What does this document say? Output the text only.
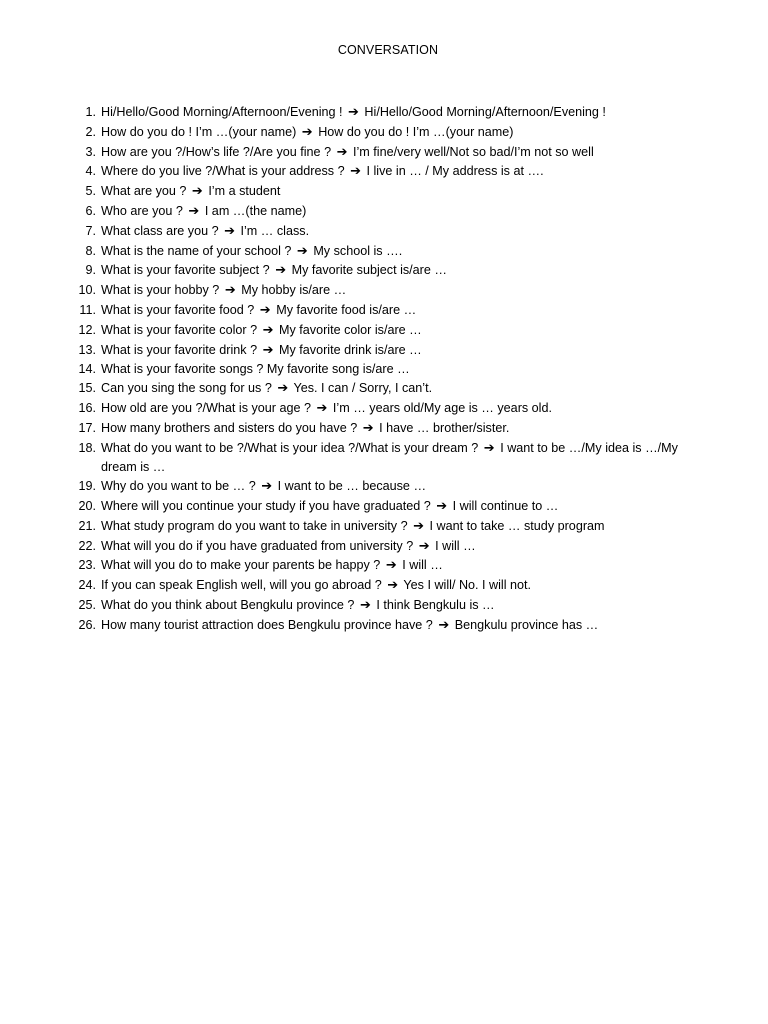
CONVERSATION
1. Hi/Hello/Good Morning/Afternoon/Evening ! ➔ Hi/Hello/Good Morning/Afternoon/Evening !
2. How do you do ! I’m …(your name) ➔ How do you do ! I’m …(your name)
3. How are you ?/How’s life ?/Are you fine ? ➔ I’m fine/very well/Not so bad/I’m not so well
4. Where do you live ?/What is your address ? ➔ I live in … / My address is at ….
5. What are you ? ➔ I’m a student
6. Who are you ? ➔ I am …(the name)
7. What class are you ? ➔ I’m … class.
8. What is the name of your school ? ➔ My school is ….
9. What is your favorite subject ? ➔ My favorite subject is/are …
10. What is your hobby ? ➔ My hobby is/are …
11. What is your favorite food ? ➔ My favorite food is/are …
12. What is your favorite color ? ➔ My favorite color is/are …
13. What is your favorite drink ? ➔ My favorite drink is/are …
14. What is your favorite songs ? My favorite song is/are …
15. Can you sing the song for us ? ➔ Yes. I can / Sorry, I can’t.
16. How old are you ?/What is your age ? ➔ I’m … years old/My age is … years old.
17. How many brothers and sisters do you have ? ➔ I have … brother/sister.
18. What do you want to be ?/What is your idea ?/What is your dream ? ➔ I want to be …/My idea is …/My dream is …
19. Why do you want to be … ? ➔ I want to be … because …
20. Where will you continue your study if you have graduated ? ➔ I will continue to …
21. What study program do you want to take in university ? ➔ I want to take … study program
22. What will you do if you have graduated from university ? ➔ I will …
23. What will you do to make your parents be happy ? ➔ I will …
24. If you can speak English well, will you go abroad ? ➔ Yes I will/ No. I will not.
25. What do you think about Bengkulu province ? ➔ I think Bengkulu is …
26. How many tourist attraction does Bengkulu province have ? ➔ Bengkulu province has …
